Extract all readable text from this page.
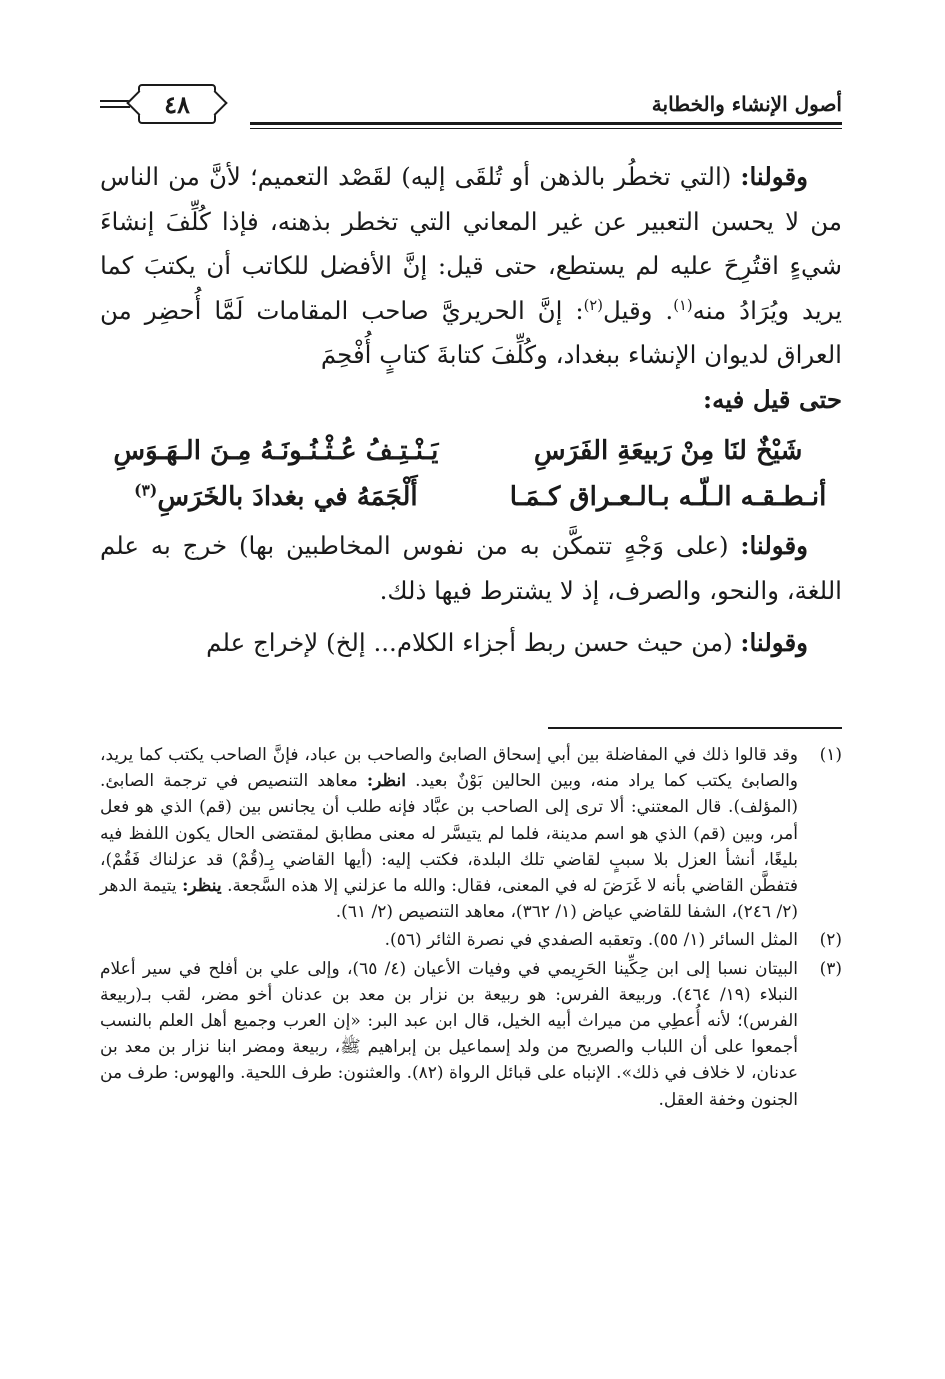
أصول الإنشاء والخطابة
٤٨

وقولنا: (التي تخطُر بالذهن أو تُلقَى إليه) لقَصْد التعميم؛ لأنَّ من الناس من لا يحسن التعبير عن غير المعاني التي تخطر بذهنه، فإذا كُلِّفَ إنشاءَ شيءٍ اقتُرِحَ عليه لم يستطع، حتى قيل: إنَّ الأفضل للكاتب أن يكتبَ كما يريد ويُرَادُ منه$^{(١)}$. وقيل$^{(٢)}$: إنَّ الحريريَّ صاحب المقامات لَمَّا أُحضِر من العراق لديوان الإنشاء ببغداد، وكُلِّفَ كتابةَ كتابٍ أُفْحِمَ

حتى قيل فيه:

شَيْخٌ لنَا مِنْ رَبيعَةِ الفَرَسِ
يَـنْـتِـفُ عُـثْـنُـونَـهُ مِـنَ الـهَـوَسِ
أنـطـقـه الـلّـه بـالـعـراق كـمَـا
أَلْجَمَهُ في بغدادَ بالخَرَسِ$^{(٣)}$

وقولنا: (على وَجْهٍ تتمكَّن به من نفوس المخاطبين بها) خرج به علم اللغة، والنحو، والصرف، إذ لا يشترط فيها ذلك.

وقولنا: (من حيث حسن ربط أجزاء الكلام... إلخ) لإخراج علم

(١)
وقد قالوا ذلك في المفاضلة بين أبي إسحاق الصابئ والصاحب بن عباد، فإنَّ الصاحب يكتب كما يريد، والصابئ يكتب كما يراد منه، وبين الحالين بَوْنٌ بعيد. انظر: معاهد التنصيص في ترجمة الصابئ. (المؤلف). قال المعتني: ألا ترى إلى الصاحب بن عبَّاد فإنه طلب أن يجانس بين (قم) الذي هو فعل أمر، وبين (قم) الذي هو اسم مدينة، فلما لم يتيسَّر له معنى مطابق لمقتضى الحال يكون اللفظ فيه بليغًا، أنشأ العزل بلا سببٍ لقاضي تلك البلدة، فكتب إليه: (أيها القاضي بِـ(قُمْ) قد عزلناك فَقُمْ)، فتفطَّن القاضي بأنه لا غَرَضَ له في المعنى، فقال: والله ما عزلني إلا هذه السَّجعة. ينظر: يتيمة الدهر (٢/ ٢٤٦)، الشفا للقاضي عياض (١/ ٣٦٢)، معاهد التنصيص (٢/ ٦١).
(٢)
المثل السائر (١/ ٥٥). وتعقبه الصفدي في نصرة الثائر (٥٦).
(٣)
البيتان نسبا إلى ابن حِكِّينا الحَرِيمي في وفيات الأعيان (٤/ ٦٥)، وإلى علي بن أفلح في سير أعلام النبلاء (١٩/ ٤٦٤). وربيعة الفرس: هو ربيعة بن نزار بن معد بن عدنان أخو مضر، لقب بـ(ربيعة الفرس)؛ لأنه أُعطِي من ميراث أبيه الخيل، قال ابن عبد البر: «إن العرب وجميع أهل العلم بالنسب أجمعوا على أن اللباب والصريح من ولد إسماعيل بن إبراهيم ﷺ، ربيعة ومضر ابنا نزار بن معد بن عدنان، لا خلاف في ذلك». الإنباه على قبائل الرواة (٨٢). والعثنون: طرف اللحية. والهوس: طرف من الجنون وخفة العقل.
